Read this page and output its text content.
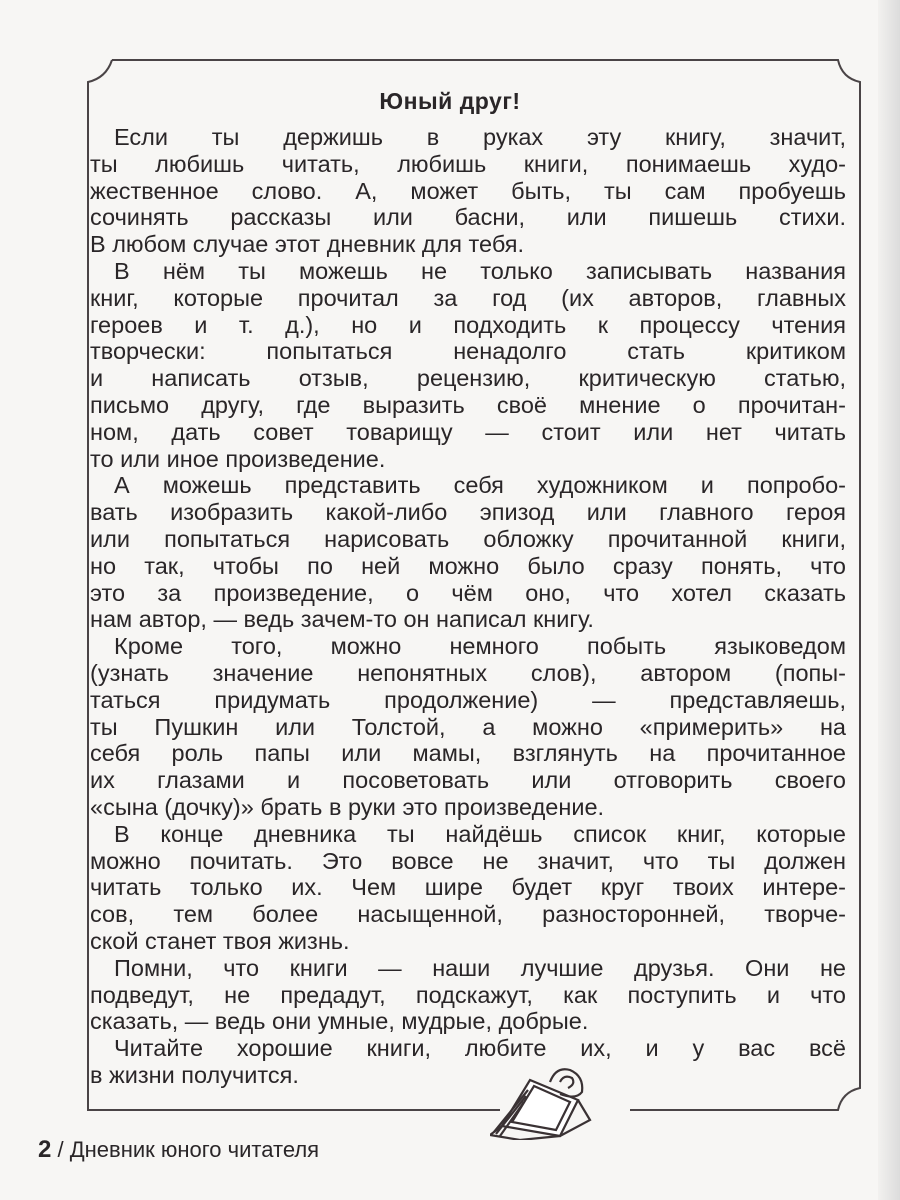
Юный друг!
Если ты держишь в руках эту книгу, значит,
ты любишь читать, любишь книги, понимаешь худо-
жественное слово. А, может быть, ты сам пробуешь
сочинять рассказы или басни, или пишешь стихи.
В любом случае этот дневник для тебя.
В нём ты можешь не только записывать названия
книг, которые прочитал за год (их авторов, главных
героев и т. д.), но и подходить к процессу чтения
творчески: попытаться ненадолго стать критиком
и написать отзыв, рецензию, критическую статью,
письмо другу, где выразить своё мнение о прочитан-
ном, дать совет товарищу — стоит или нет читать
то или иное произведение.
А можешь представить себя художником и попробо-
вать изобразить какой-либо эпизод или главного героя
или попытаться нарисовать обложку прочитанной книги,
но так, чтобы по ней можно было сразу понять, что
это за произведение, о чём оно, что хотел сказать
нам автор, — ведь зачем-то он написал книгу.
Кроме того, можно немного побыть языковедом
(узнать значение непонятных слов), автором (попы-
таться придумать продолжение) — представляешь,
ты Пушкин или Толстой, а можно «примерить» на
себя роль папы или мамы, взглянуть на прочитанное
их глазами и посоветовать или отговорить своего
«сына (дочку)» брать в руки это произведение.
В конце дневника ты найдёшь список книг, которые
можно почитать. Это вовсе не значит, что ты должен
читать только их. Чем шире будет круг твоих интере-
сов, тем более насыщенной, разносторонней, творче-
ской станет твоя жизнь.
Помни, что книги — наши лучшие друзья. Они не
подведут, не предадут, подскажут, как поступить и что
сказать, — ведь они умные, мудрые, добрые.
Читайте хорошие книги, любите их, и у вас всё
в жизни получится.
2 / Дневник юного читателя
